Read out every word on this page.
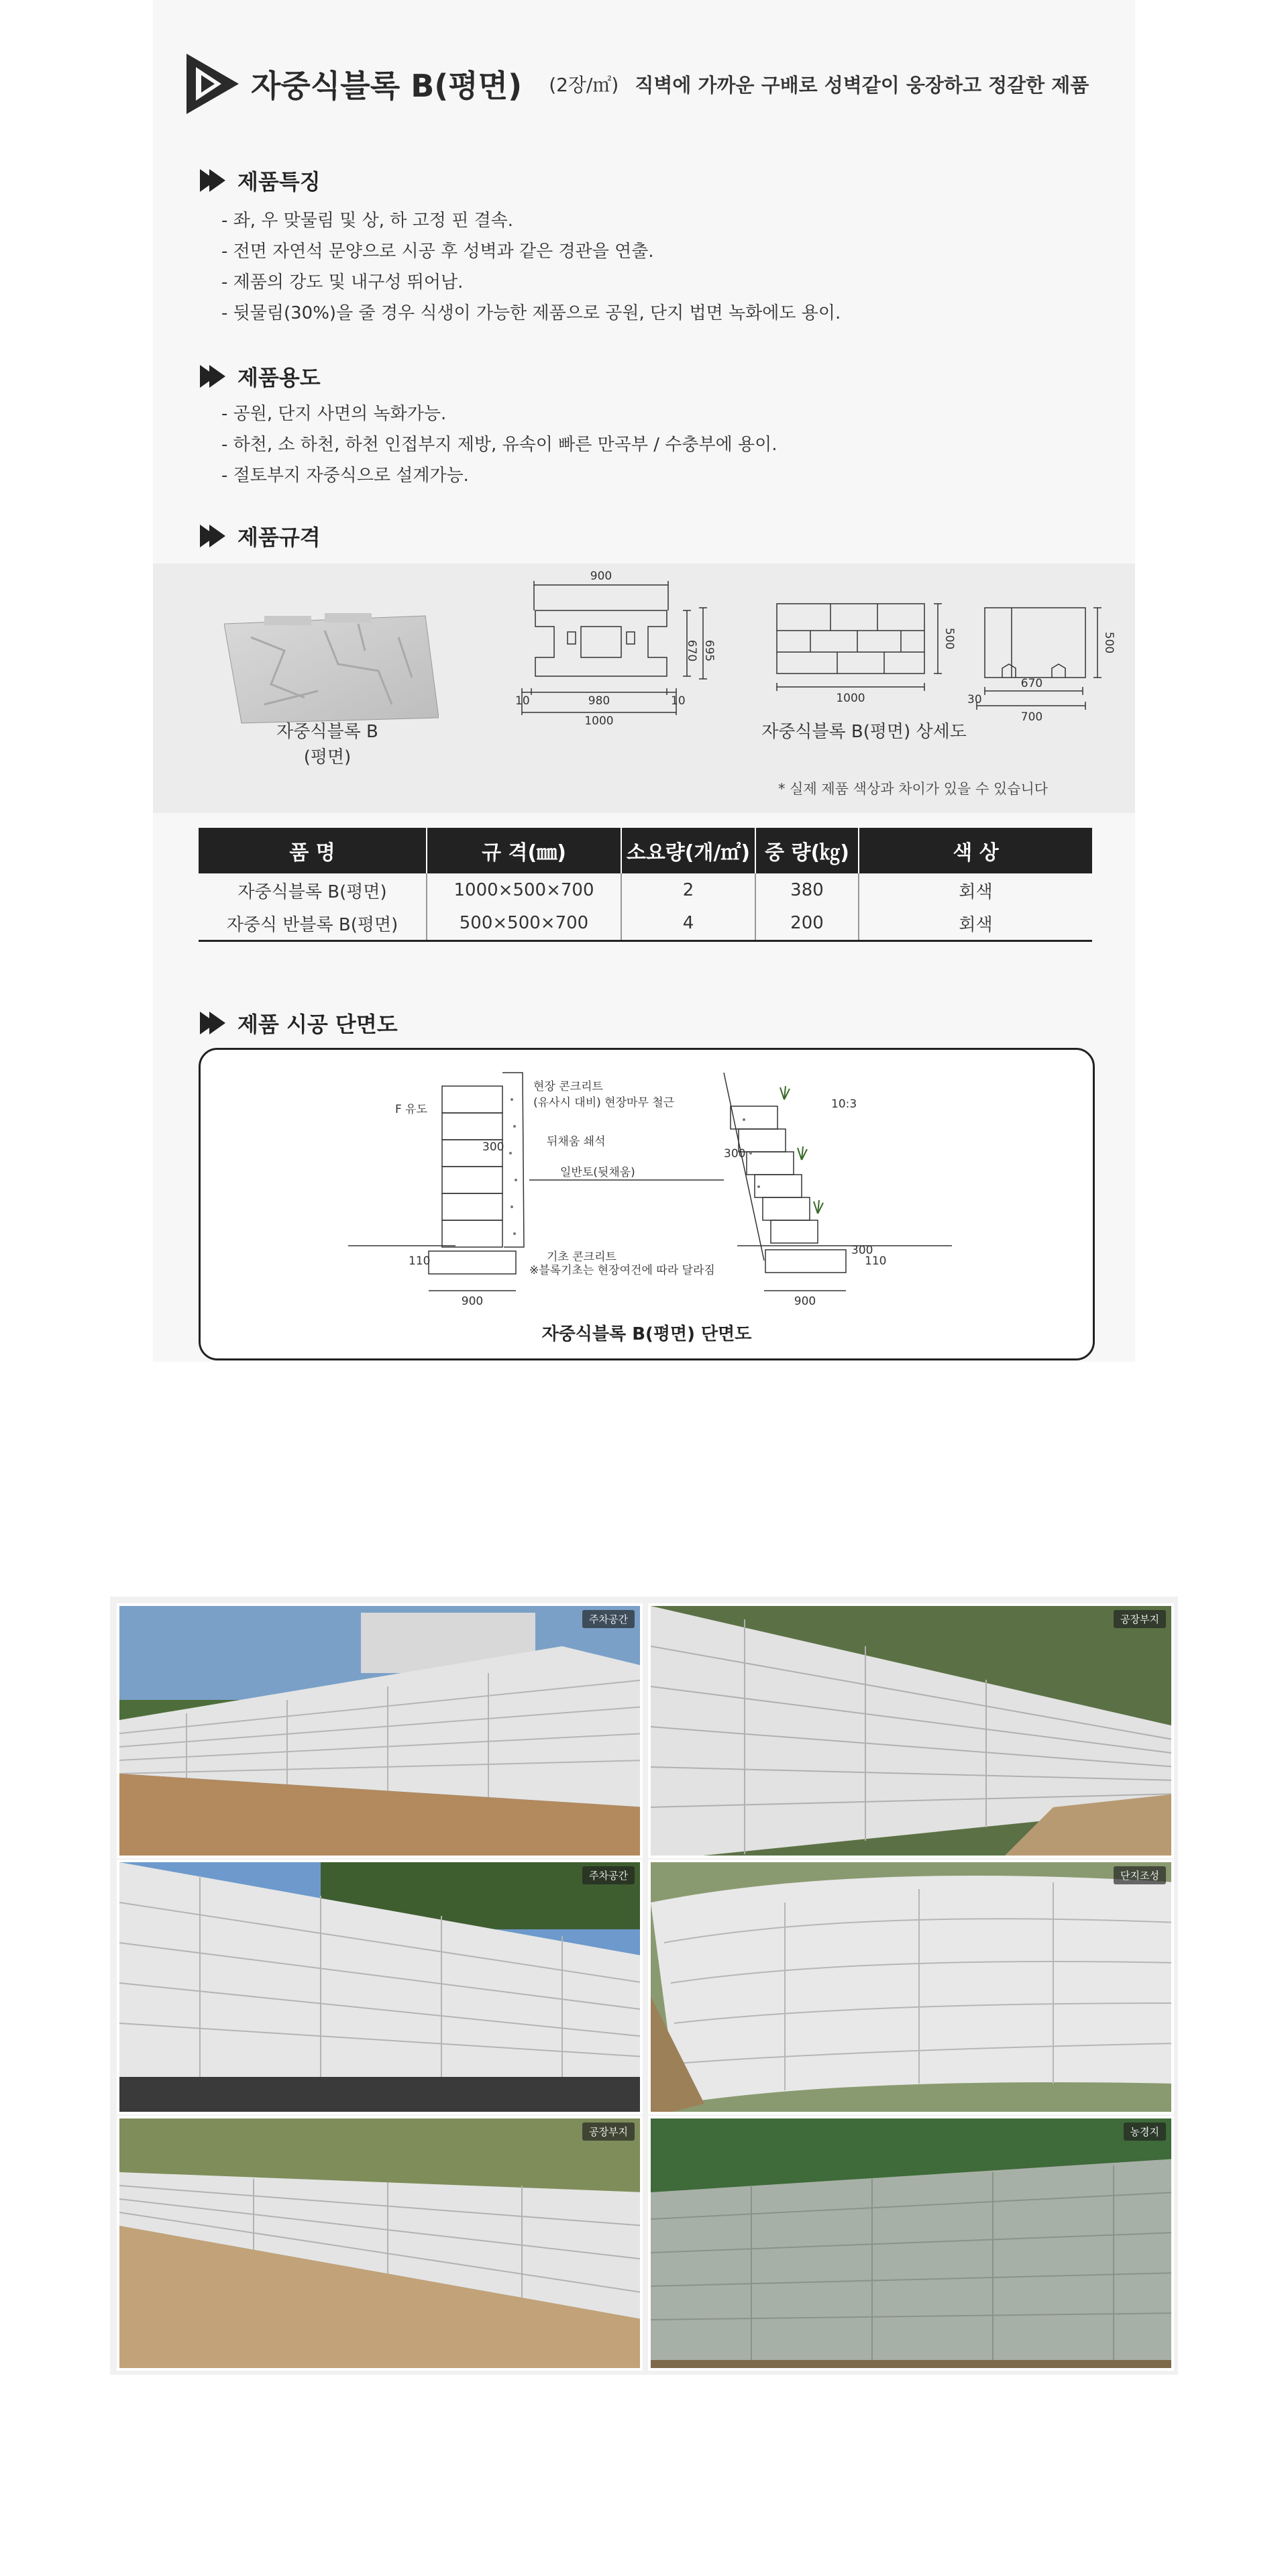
자중식블록 B(평면) (2장/㎡) 직벽에 가까운 구배로 성벽같이 웅장하고 정갈한 제품
제품특징
- 좌, 우 맞물림 및 상, 하 고정 핀 결속.
- 전면 자연석 문양으로 시공 후 성벽과 같은 경관을 연출.
- 제품의 강도 및 내구성 뛰어남.
- 뒷물림(30%)을 줄 경우 식생이 가능한 제품으로 공원, 단지 법면 녹화에도 용이.
제품용도
- 공원, 단지 사면의 녹화가능.
- 하천, 소 하천, 하천 인접부지 제방, 유속이 빠른 만곡부 / 수충부에 용이.
- 절토부지 자중식으로 설계가능.
제품규격
자중식블록 B
(평면)
900
10	980	10
1000
670 695
1000
500
자중식블록 B(평면) 상세도
670
700
30
500
* 실제 제품 색상과 차이가 있을 수 있습니다
품 명	규 격(㎜)	소요량(개/㎡)	중 량(㎏)	색 상
자중식블록 B(평면)	1000×500×700	2	380	회색
자중식 반블록 B(평면)	500×500×700	4	200	회색
제품 시공 단면도
현장 콘크리트
(유사시 대비) 현장마무 철근
뒤채움 쇄석
일반토(뒷채움)
기초 콘크리트
※블록기초는 현장여건에 따라 달라짐
900	900
300	300
110	110
10:3
F 유도
300
자중식블록 B(평면) 단면도
주차공간	공장부지
주차공간	단지조성
공장부지	농경지
